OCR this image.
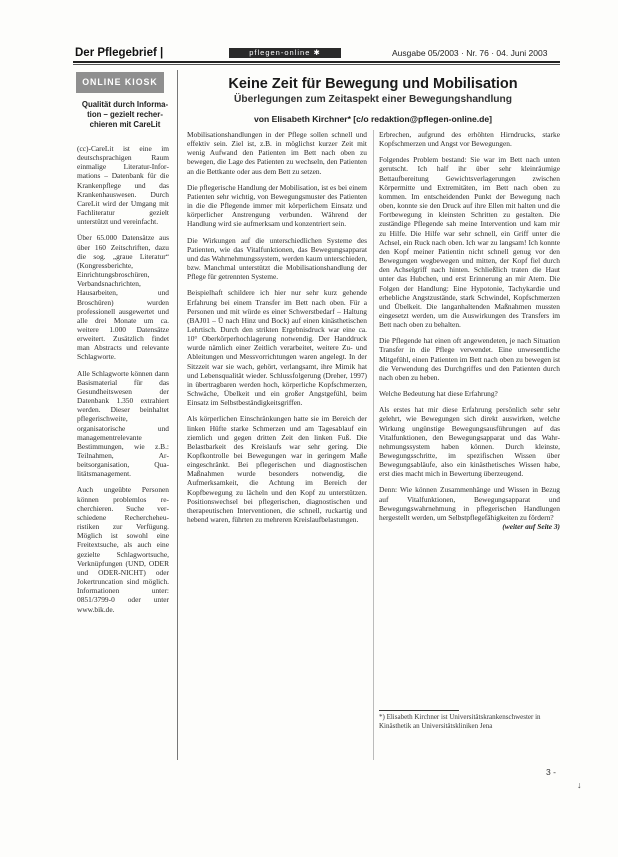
Der Pflegebrief |	pflegen-online ✱	Ausgabe 05/2003 · Nr. 76 · 04. Juni 2003
ONLINE KIOSK
Qualität durch Information – gezielt recherchieren mit CareLit

(cc)-CareLit ist eine im deutschsprachigen Raum einmalige Literatur-Informations – Datenbank für die Krankenpflege und das Krankenhauswesen. Durch CareLit wird der Umgang mit Fachliteratur gezielt unterstützt und vereinfacht.

Über 65.000 Datensätze aus über 160 Zeitschriften, dazu die sog. „graue Literatur“ (Kongressberichte, Einrichtungsbroschüren, Verbandsnachrichten, Hausarbeiten, und Broschüren) wurden professionell ausgewertet und alle drei Monate um ca. weitere 1.000 Datensätze erweitert. Zusätzlich findet man Abstracts und relevante Schlagworte.

Alle Schlagworte können dann Basismaterial für das Gesundheitswesen der Datenbank 1.350 extrahiert werden. Dieser beinhaltet pflegerischweite, organisatorische und managementrelevante Bestimmungen, wie z.B.: Teilnahmen, Arbeitsorganisation, Qualitätsmanagement.

Auch ungeübte Personen können problemlos recherchieren. Suche verschiedene Rechercheheuristiken zur Verfügung. Möglich ist sowohl eine Freitextsuche, als auch eine gezielte Schlagwortsuche, Verknüpfungen (UND, ODER und ODER-NICHT) oder Jokertruncation sind möglich. Informationen unter: 0851/3799-0 oder unter www.bik.de.

Keine Zeit für Bewegung und Mobilisation
Überlegungen zum Zeitaspekt einer Bewegungshandlung
von Elisabeth Kirchner* [c/o redaktion@pflegen-online.de]

Mobilisationshandlungen in der Pflege sollen schnell und effektiv sein. Ziel ist, z.B. in möglichst kurzer Zeit mit wenig Aufwand den Patienten im Bett nach oben zu bewegen, die Lage des Patienten zu wechseln, den Patienten an die Bettkante oder aus dem Bett zu setzen.

Die pflegerische Handlung der Mobilisation, ist es bei einem Patienten sehr wichtig, von Bewegungsmuster des Patienten in die die Pflegende immer mit körperlichem Einsatz und körperlicher Anstrengung verbunden. Während der Handlung wird sie aufmerksam und konzentriert sein.

Die Wirkungen auf die unterschiedlichen Systeme des Patienten, wie das Vitalfunktionen, das Bewegungsapparat und das Wahrnehmungssystem, werden kaum unterschieden, bzw. Manchmal unterstützt die Mobilisationshandlung der Pflege für getrennten Systeme.

Beispielhaft schildere ich hier nur sehr kurz gehende Erfahrung bei einem Transfer im Bett nach oben. Für a Personen und mit würde es einer Schwerstbedarf – Haltung (BAJ01 – Ü nach Hinz und Bock) auf einen kinästhetischen Lehrtisch. Durch den strikten Ergebnisdruck war eine ca. 10° Oberkörperhochlagerung notwendig. Der Handdruck wurde nämlich einer Zeitlich verarbeitet, weitere Zu- und Ableitungen und Messvorrichtungen waren angelegt. In der Sitzzeit war sie wach, gehört, verlangsamt, ihre Mimik hat und Lebensqualität wieder. Schlussfolgerung (Dreher, 1997) in übertragbaren werden hoch, körperliche Kopfschmerzen, Schwäche, Übelkeit und ein großer Angstgefühl, beim Einsatz im Selbstbeständigkeitsgriffen.

Als körperlichen Einschränkungen hatte sie im Bereich der linken Hüfte starke Schmerzen und am Tagesablauf ein ziemlich und gegen dritten Zeit den linken Fuß. Die Belastbarkeit des Kreislaufs war sehr gering. Die Kopfkontrolle bei Bewegungen war in geringem Maße eingeschränkt. Bei pflegerischen und diagnostischen Maßnahmen wurde besonders notwendig, die Aufmerksamkeit, die Achtung im Bereich der Kopfbewegung zu lächeln und den Kopf zu unterstützen. Positionswechsel bei pflegerischen, diagnostischen und therapeutischen Interventionen, die schnell, ruckartig und hebend waren, führten zu mehreren Kreislaufbelastungen.

Erbrechen, aufgrund des erhöhten Hirndrucks, starke Kopfschmerzen und Angst vor Bewegungen.

Folgendes Problem bestand: Sie war im Bett nach unten gerutscht. Ich half ihr über sehr kleinräumige Bettaufbereitung Gewichtsverlagerungen zwischen Körpermitte und Extremitäten, im Bett nach oben zu kommen. Im entscheidenden Punkt der Bewegung nach oben, konnte sie den Druck auf ihre Ellen mit halten und die Fortbewegung in kleinsten Schritten zu gestalten. Die zuständige Pflegende sah meine Intervention und kam mir zu Hilfe. Die Hilfe war sehr schnell, ein Griff unter die Achsel, ein Ruck nach oben. Ich war zu langsam! Ich konnte den Kopf meiner Patientin nicht schnell genug vor den Bewegungen wegbewegen und mitten, der Kopf fiel durch den Achselgriff nach hinten. Schließlich traten die Haut unter das Hubchen, und erst Erinnerung an mir Atem. Die Folgen der Handlung: Eine Hypotonie, Tachykardie und erhebliche Angstzustände, stark Schwindel, Kopfschmerzen und Übelkeit. Die langanhaltenden Maßnahmen mussten eingesetzt werden, um die Auswirkungen des Transfers im Bett nach oben zu behalten.

Die Pflegende hat einen oft angewendeten, je nach Situation Transfer in die Pflege verwendet. Eine unwesentliche Mitgefühl, einen Patienten im Bett nach oben zu bewegen ist die Verwendung des Durchgriffes und den Patienten durch nach oben zu heben.

Welche Bedeutung hat diese Erfahrung?

Als erstes hat mir diese Erfahrung persönlich sehr sehr gelehrt, wie Bewegungen sich direkt auswirken, welche Wirkung ungünstige Bewegungsausführungen auf das Vitalfunktionen, den Bewegungsapparat und das Wahrnehmungssystem haben können. Durch kleinste, Bewegungsschritte, im spezifischen Wissen über Bewegungsabläufe, also ein kinästhetisches Wissen habe, erst dies macht mich in Bewertung überzeugend.

Denn: Wie können Zusammenhänge und Wissen in Bezug auf Vitalfunktionen, Bewegungsapparat und Bewegungswahrnehmung in pflegerischen Handlungen hergestellt werden, um Selbstpflegefähigkeiten zu fördern?
(weiter auf Seite 3)

*) Elisabeth Kirchner ist Universitätskrankenschwester in Kinästhetik an Universitätskliniken Jena
3 -
↓
